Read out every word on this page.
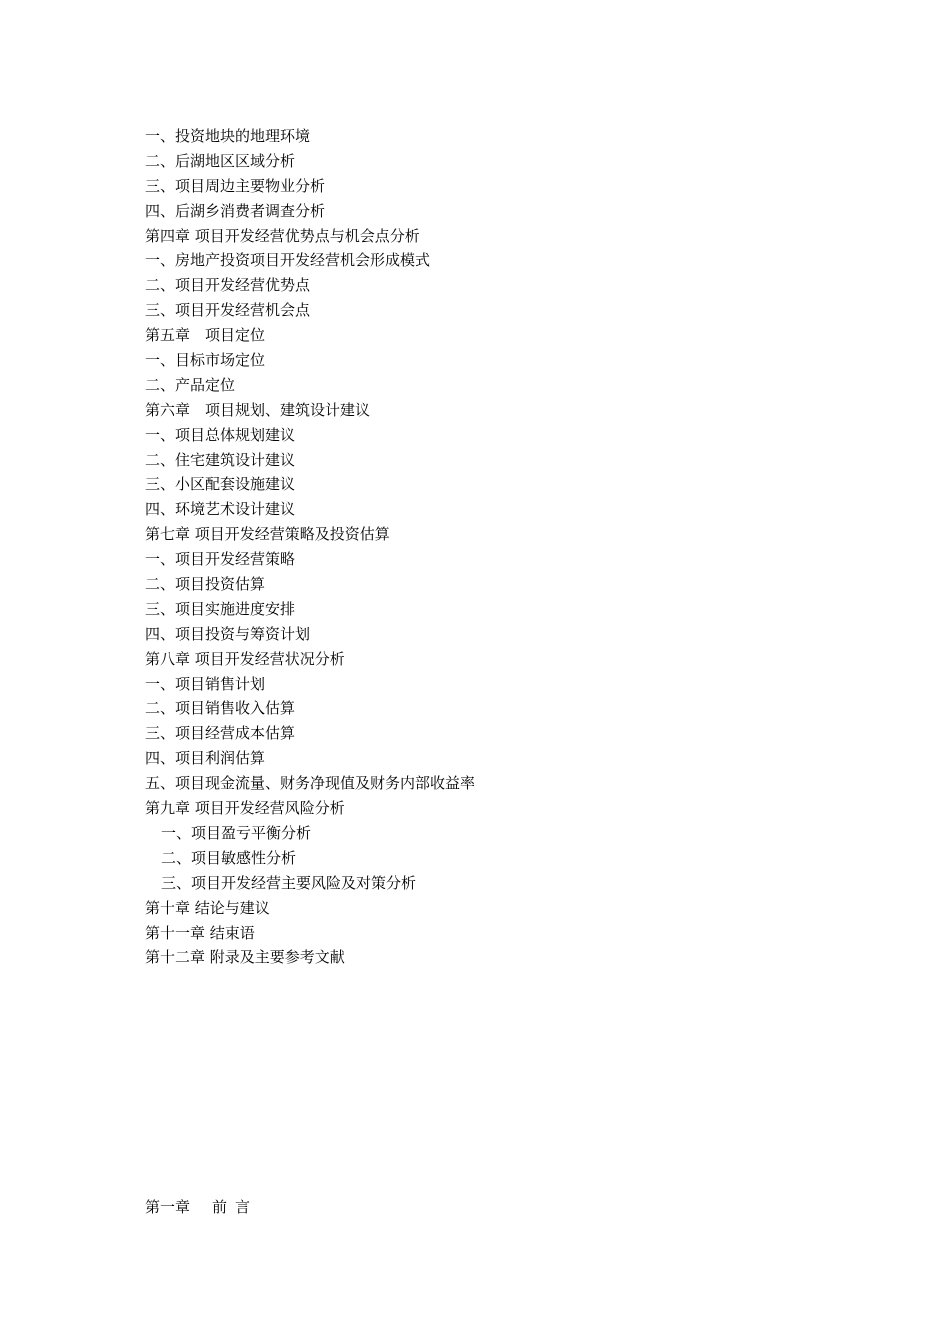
一、投资地块的地理环境
二、后湖地区区域分析
三、项目周边主要物业分析
四、后湖乡消费者调查分析
第四章 项目开发经营优势点与机会点分析
一、房地产投资项目开发经营机会形成模式
二、项目开发经营优势点
三、项目开发经营机会点
第五章　项目定位
一、目标市场定位
二、产品定位
第六章　项目规划、建筑设计建议
一、项目总体规划建议
二、住宅建筑设计建议
三、小区配套设施建议
四、环境艺术设计建议
第七章 项目开发经营策略及投资估算
一、项目开发经营策略
二、项目投资估算
三、项目实施进度安排
四、项目投资与筹资计划
第八章 项目开发经营状况分析
一、项目销售计划
二、项目销售收入估算
三、项目经营成本估算
四、项目利润估算
五、项目现金流量、财务净现值及财务内部收益率
第九章 项目开发经营风险分析
一、项目盈亏平衡分析
二、项目敏感性分析
三、项目开发经营主要风险及对策分析
第十章 结论与建议
第十一章 结束语
第十二章 附录及主要参考文献
第一章 前 言
